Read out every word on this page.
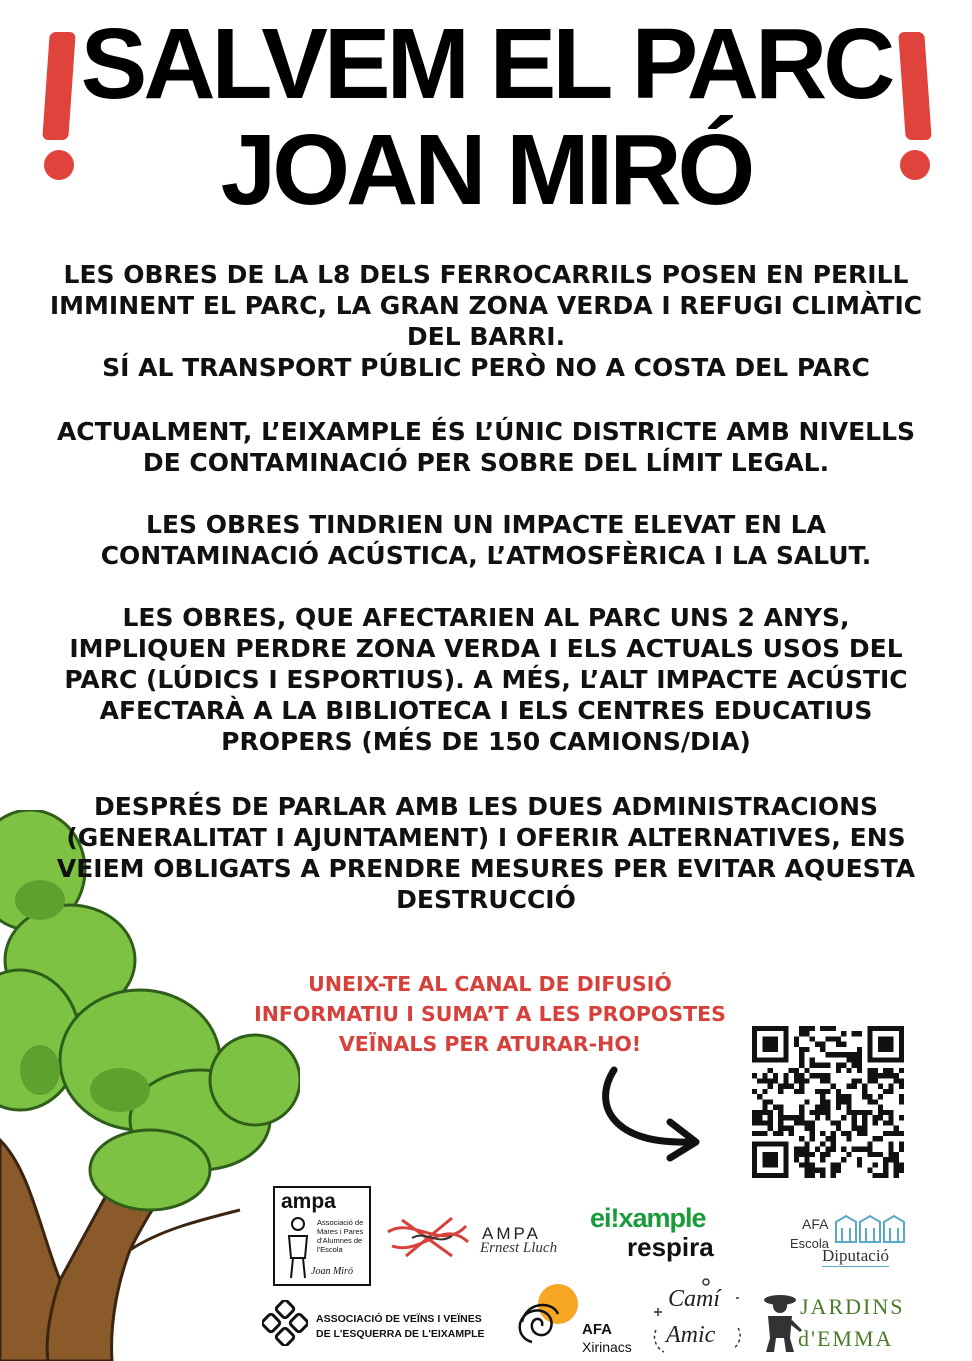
SALVEM EL PARC
JOAN MIRÓ
LES OBRES DE LA L8 DELS FERROCARRILS POSEN EN PERILL
IMMINENT EL PARC, LA GRAN ZONA VERDA I REFUGI CLIMÀTIC
DEL BARRI.
SÍ AL TRANSPORT PÚBLIC PERÒ NO A COSTA DEL PARC
ACTUALMENT, L’EIXAMPLE ÉS L’ÚNIC DISTRICTE AMB NIVELLS
DE CONTAMINACIÓ PER SOBRE DEL LÍMIT LEGAL.
LES OBRES TINDRIEN UN IMPACTE ELEVAT EN LA
CONTAMINACIÓ ACÚSTICA, L’ATMOSFÈRICA I LA SALUT.
LES OBRES, QUE AFECTARIEN AL PARC UNS 2 ANYS,
IMPLIQUEN PERDRE ZONA VERDA I ELS ACTUALS USOS DEL
PARC (LÚDICS I ESPORTIUS). A MÉS, L’ALT IMPACTE ACÚSTIC
AFECTARÀ A LA BIBLIOTECA I ELS CENTRES EDUCATIUS
PROPERS (MÉS DE 150 CAMIONS/DIA)
DESPRÉS DE PARLAR AMB LES DUES ADMINISTRACIONS
(GENERALITAT I AJUNTAMENT) I OFERIR ALTERNATIVES, ENS
VEIEM OBLIGATS A PRENDRE MESURES PER EVITAR AQUESTA
DESTRUCCIÓ
UNEIX-TE AL CANAL DE DIFUSIÓ
INFORMATIU I SUMA’T A LES PROPOSTES
VEÏNALS PER ATURAR-HO!
ampa
Associació de Mares i Pares d'Alumnes de l'Escola
Joan Miró
AMPA
Ernest Lluch
ei!xample
respira
AFA
Escola
Diputació
ASSOCIACIÓ DE VEÏNS I VEÏNES
DE L'ESQUERRA DE L'EIXAMPLE	AFA
Xirinacs
Camí
Amic
JARDINS
d'EMMA
